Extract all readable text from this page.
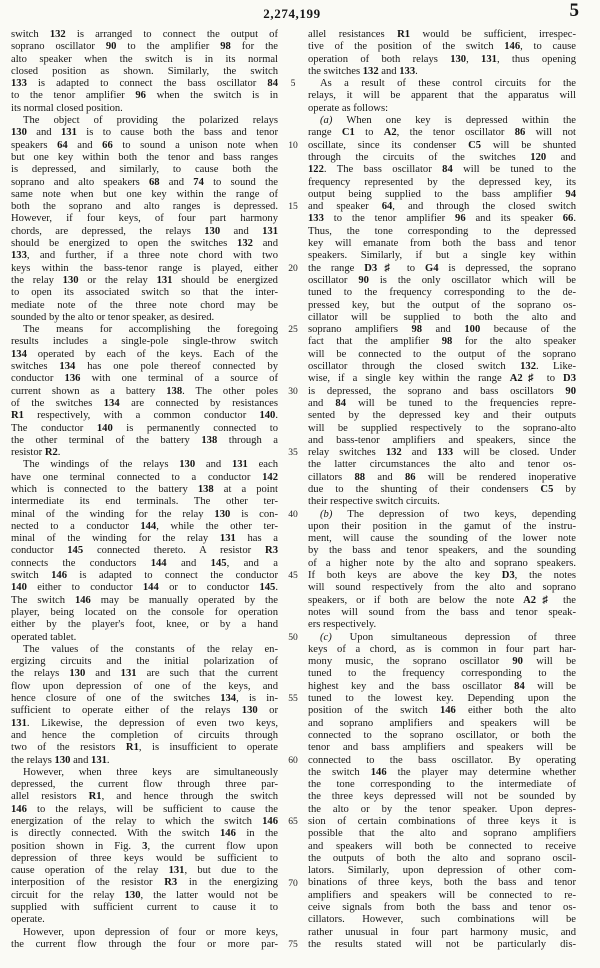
2,274,199	5
switch 132 is arranged to connect the output of
soprano oscillator 90 to the amplifier 98 for the
alto speaker when the switch is in its normal
closed position as shown. Similarly, the switch
133 is adapted to connect the bass oscillator 84
to the tenor amplifier 96 when the switch is in
its normal closed position.
The object of providing the polarized relays
130 and 131 is to cause both the bass and tenor
speakers 64 and 66 to sound a unison note when
but one key within both the tenor and bass ranges
is depressed, and similarly, to cause both the
soprano and alto speakers 68 and 74 to sound the
same note when but one key within the range of
both the soprano and alto ranges is depressed.
However, if four keys, of four part harmony
chords, are depressed, the relays 130 and 131
should be energized to open the switches 132 and
133, and further, if a three note chord with two
keys within the bass-tenor range is played, either
the relay 130 or the relay 131 should be energized
to open its associated switch so that the inter-
mediate note of the three note chord may be
sounded by the alto or tenor speaker, as desired.
The means for accomplishing the foregoing
results includes a single-pole single-throw switch
134 operated by each of the keys. Each of the
switches 134 has one pole thereof connected by
conductor 136 with one terminal of a source of
current shown as a battery 138. The other poles
of the switches 134 are connected by resistances
R1 respectively, with a common conductor 140.
The conductor 140 is permanently connected to
the other terminal of the battery 138 through a
resistor R2.
The windings of the relays 130 and 131 each
have one terminal connected to a conductor 142
which is connected to the battery 138 at a point
intermediate its end terminals. The other ter-
minal of the winding for the relay 130 is con-
nected to a conductor 144, while the other ter-
minal of the winding for the relay 131 has a
conductor 145 connected thereto. A resistor R3
connects the conductors 144 and 145, and a
switch 146 is adapted to connect the conductor
140 either to conductor 144 or to conductor 145.
The switch 146 may be manually operated by the
player, being located on the console for operation
either by the player's foot, knee, or by a hand
operated tablet.
The values of the constants of the relay en-
ergizing circuits and the initial polarization of
the relays 130 and 131 are such that the current
flow upon depression of one of the keys, and
hence closure of one of the switches 134, is in-
sufficient to operate either of the relays 130 or
131. Likewise, the depression of even two keys,
and hence the completion of circuits through
two of the resistors R1, is insufficient to operate
the relays 130 and 131.
However, when three keys are simultaneously
depressed, the current flow through three par-
allel resistors R1, and hence through the switch
146 to the relays, will be sufficient to cause the
energization of the relay to which the switch 146
is directly connected. With the switch 146 in the
position shown in Fig. 3, the current flow upon
depression of three keys would be sufficient to
cause operation of the relay 131, but due to the
interposition of the resistor R3 in the energizing
circuit for the relay 130, the latter would not be
supplied with sufficient current to cause it to
operate.
However, upon depression of four or more keys,
the current flow through the four or more par-
5
10
15
20
25
30
35
40
45
50
55
60
65
70
75
allel resistances R1 would be sufficient, irrespec-
tive of the position of the switch 146, to cause
operation of both relays 130, 131, thus opening
the switches 132 and 133.
As a result of these control circuits for the
relays, it will be apparent that the apparatus will
operate as follows:
(a) When one key is depressed within the
range C1 to A2, the tenor oscillator 86 will not
oscillate, since its condenser C5 will be shunted
through the circuits of the switches 120 and
122. The bass oscillator 84 will be tuned to the
frequency represented by the depressed key, its
output being supplied to the bass amplifier 94
and speaker 64, and through the closed switch
133 to the tenor amplifier 96 and its speaker 66.
Thus, the tone corresponding to the depressed
key will emanate from both the bass and tenor
speakers. Similarly, if but a single key within
the range D3♯ to G4 is depressed, the soprano
oscillator 90 is the only oscillator which will be
tuned to the frequency corresponding to the de-
pressed key, but the output of the soprano os-
cillator will be supplied to both the alto and
soprano amplifiers 98 and 100 because of the
fact that the amplifier 98 for the alto speaker
will be connected to the output of the soprano
oscillator through the closed switch 132. Like-
wise, if a single key within the range A2♯ to D3
is depressed, the soprano and bass oscillators 90
and 84 will be tuned to the frequencies repre-
sented by the depressed key and their outputs
will be supplied respectively to the soprano-alto
and bass-tenor amplifiers and speakers, since the
relay switches 132 and 133 will be closed. Under
the latter circumstances the alto and tenor os-
cillators 88 and 86 will be rendered inoperative
due to the shunting of their condensers C5 by
their respective switch circuits.
(b) The depression of two keys, depending
upon their position in the gamut of the instru-
ment, will cause the sounding of the lower note
by the bass and tenor speakers, and the sounding
of a higher note by the alto and soprano speakers.
If both keys are above the key D3, the notes
will sound respectively from the alto and soprano
speakers, or if both are below the note A2♯ the
notes will sound from the bass and tenor speak-
ers respectively.
(c) Upon simultaneous depression of three
keys of a chord, as is common in four part har-
mony music, the soprano oscillator 90 will be
tuned to the frequency corresponding to the
highest key and the bass oscillator 84 will be
tuned to the lowest key. Depending upon the
position of the switch 146 either both the alto
and soprano amplifiers and speakers will be
connected to the soprano oscillator, or both the
tenor and bass amplifiers and speakers will be
connected to the bass oscillator. By operating
the switch 146 the player may determine whether
the tone corresponding to the intermediate of
the three keys depressed will not be sounded by
the alto or by the tenor speaker. Upon depres-
sion of certain combinations of three keys it is
possible that the alto and soprano amplifiers
and speakers will both be connected to receive
the outputs of both the alto and soprano oscil-
lators. Similarly, upon depression of other com-
binations of three keys, both the bass and tenor
amplifiers and speakers will be connected to re-
ceive signals from both the bass and tenor os-
cillators. However, such combinations will be
rather unusual in four part harmony music, and
the results stated will not be particularly dis-
